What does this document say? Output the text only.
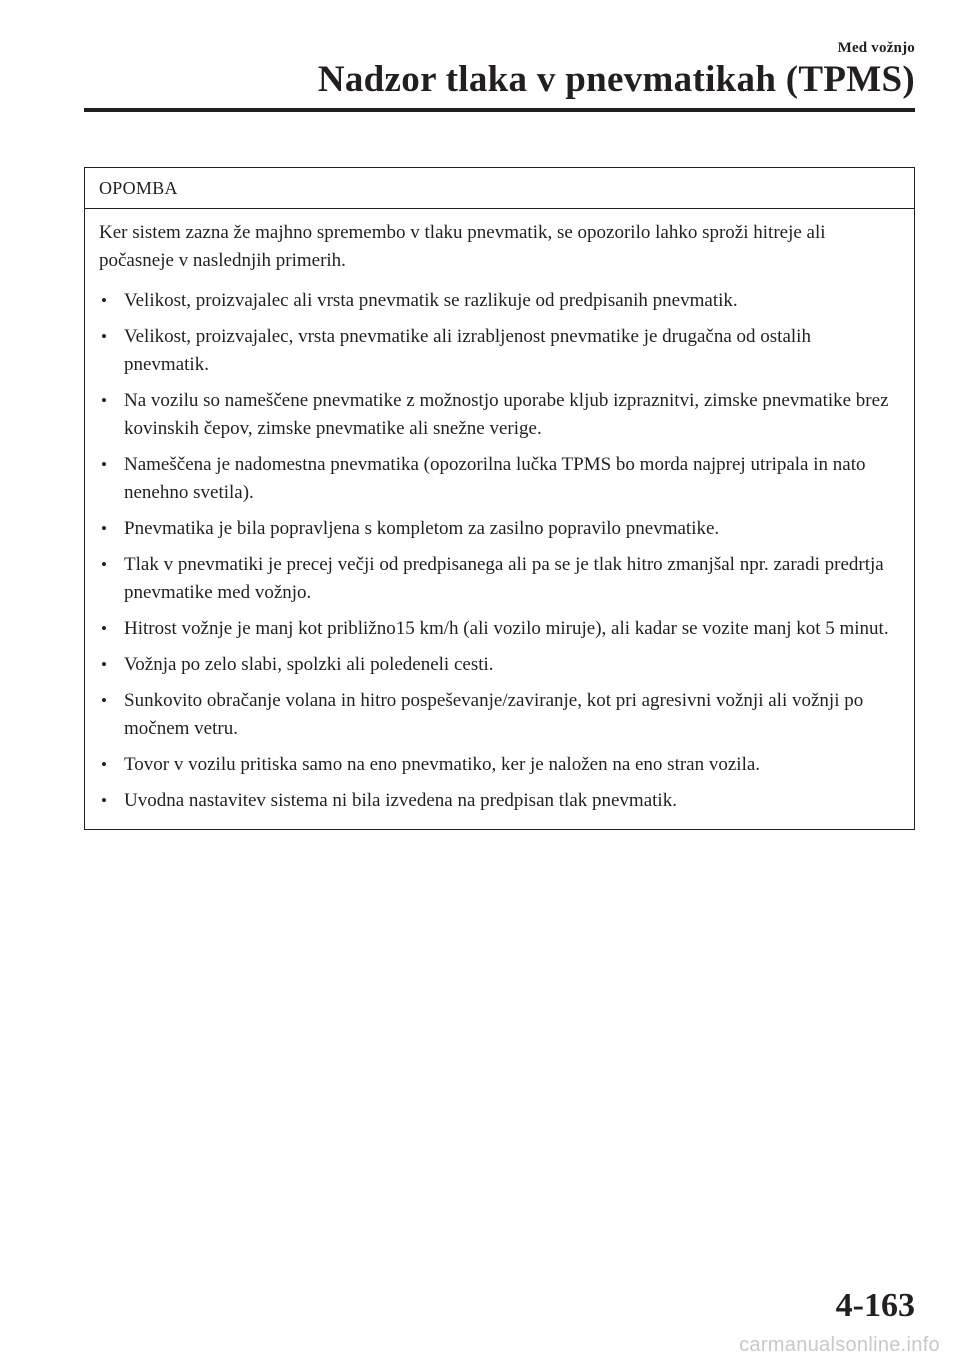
Med vožnjo
Nadzor tlaka v pnevmatikah (TPMS)
OPOMBA

Ker sistem zazna že majhno spremembo v tlaku pnevmatik, se opozorilo lahko sproži hitreje ali počasneje v naslednjih primerih.

• Velikost, proizvajalec ali vrsta pnevmatik se razlikuje od predpisanih pnevmatik.
• Velikost, proizvajalec, vrsta pnevmatike ali izrabljenost pnevmatike je drugačna od ostalih pnevmatik.
• Na vozilu so nameščene pnevmatike z možnostjo uporabe kljub izpraznitvi, zimske pnevmatike brez kovinskih čepov, zimske pnevmatike ali snežne verige.
• Nameščena je nadomestna pnevmatika (opozorilna lučka TPMS bo morda najprej utripala in nato nenehno svetila).
• Pnevmatika je bila popravljena s kompletom za zasilno popravilo pnevmatike.
• Tlak v pnevmatiki je precej večji od predpisanega ali pa se je tlak hitro zmanjšal npr. zaradi predrtja pnevmatike med vožnjo.
• Hitrost vožnje je manj kot približno15 km/h (ali vozilo miruje), ali kadar se vozite manj kot 5 minut.
• Vožnja po zelo slabi, spolzki ali poledeneli cesti.
• Sunkovito obračanje volana in hitro pospeševanje/zaviranje, kot pri agresivni vožnji ali vožnji po močnem vetru.
• Tovor v vozilu pritiska samo na eno pnevmatiko, ker je naložen na eno stran vozila.
• Uvodna nastavitev sistema ni bila izvedena na predpisan tlak pnevmatik.
4-163
carmanualsonline.info
